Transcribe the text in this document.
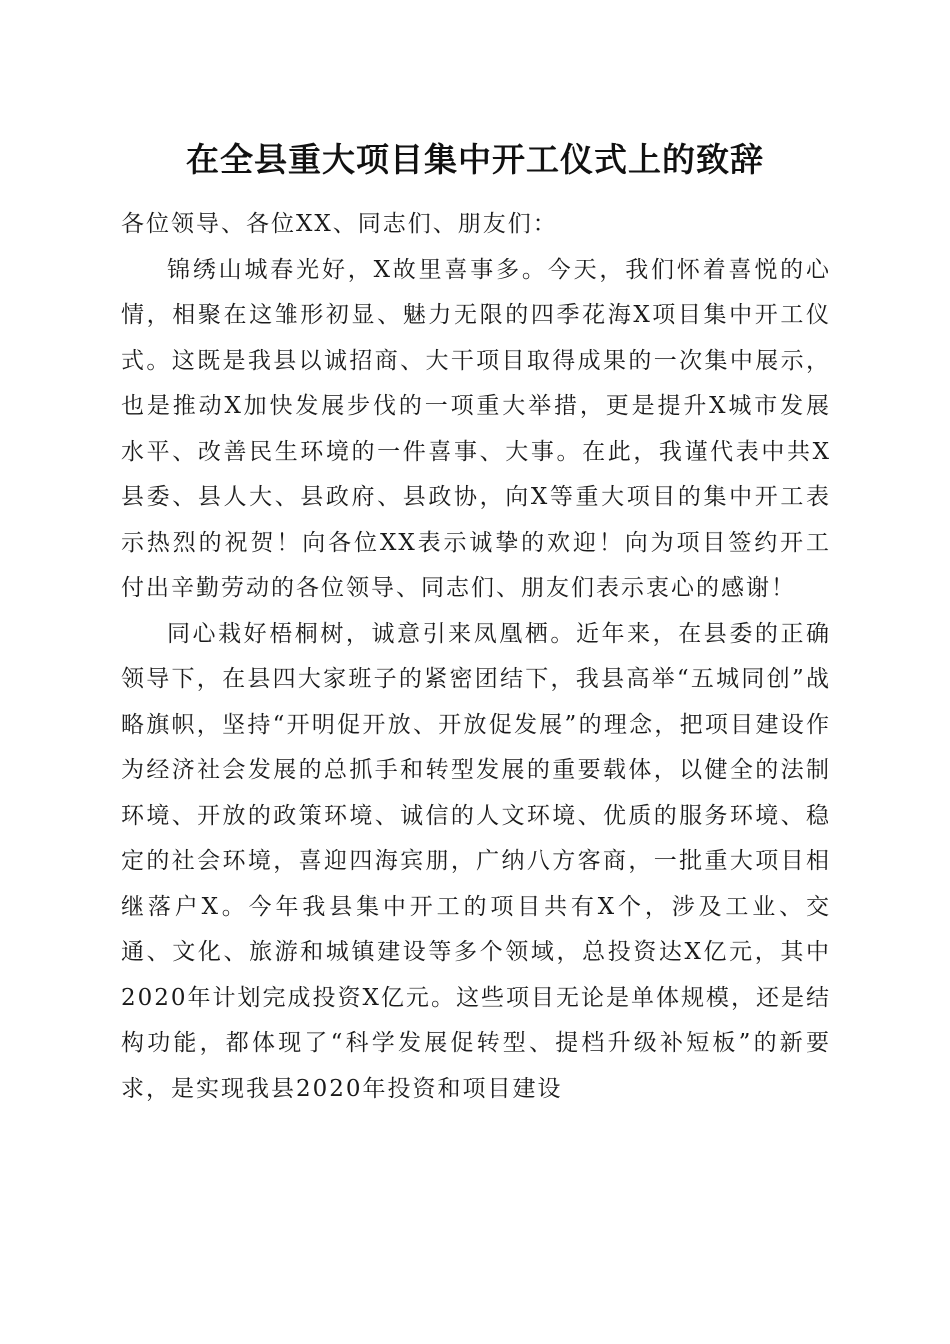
在全县重大项目集中开工仪式上的致辞

各位领导、各位XX、同志们、朋友们：

锦绣山城春光好，X故里喜事多。今天，我们怀着喜悦的心情，相聚在这雏形初显、魅力无限的四季花海X项目集中开工仪式。这既是我县以诚招商、大干项目取得成果的一次集中展示，也是推动X加快发展步伐的一项重大举措，更是提升X城市发展水平、改善民生环境的一件喜事、大事。在此，我谨代表中共X县委、县人大、县政府、县政协，向X等重大项目的集中开工表示热烈的祝贺！向各位XX表示诚挚的欢迎！向为项目签约开工付出辛勤劳动的各位领导、同志们、朋友们表示衷心的感谢！

同心栽好梧桐树，诚意引来凤凰栖。近年来，在县委的正确领导下，在县四大家班子的紧密团结下，我县高举“五城同创”战略旗帜，坚持“开明促开放、开放促发展”的理念，把项目建设作为经济社会发展的总抓手和转型发展的重要载体，以健全的法制环境、开放的政策环境、诚信的人文环境、优质的服务环境、稳定的社会环境，喜迎四海宾朋，广纳八方客商，一批重大项目相继落户X。今年我县集中开工的项目共有X个，涉及工业、交通、文化、旅游和城镇建设等多个领域，总投资达X亿元，其中2020年计划完成投资X亿元。这些项目无论是单体规模，还是结构功能，都体现了“科学发展促转型、提档升级补短板”的新要求，是实现我县2020年投资和项目建设
